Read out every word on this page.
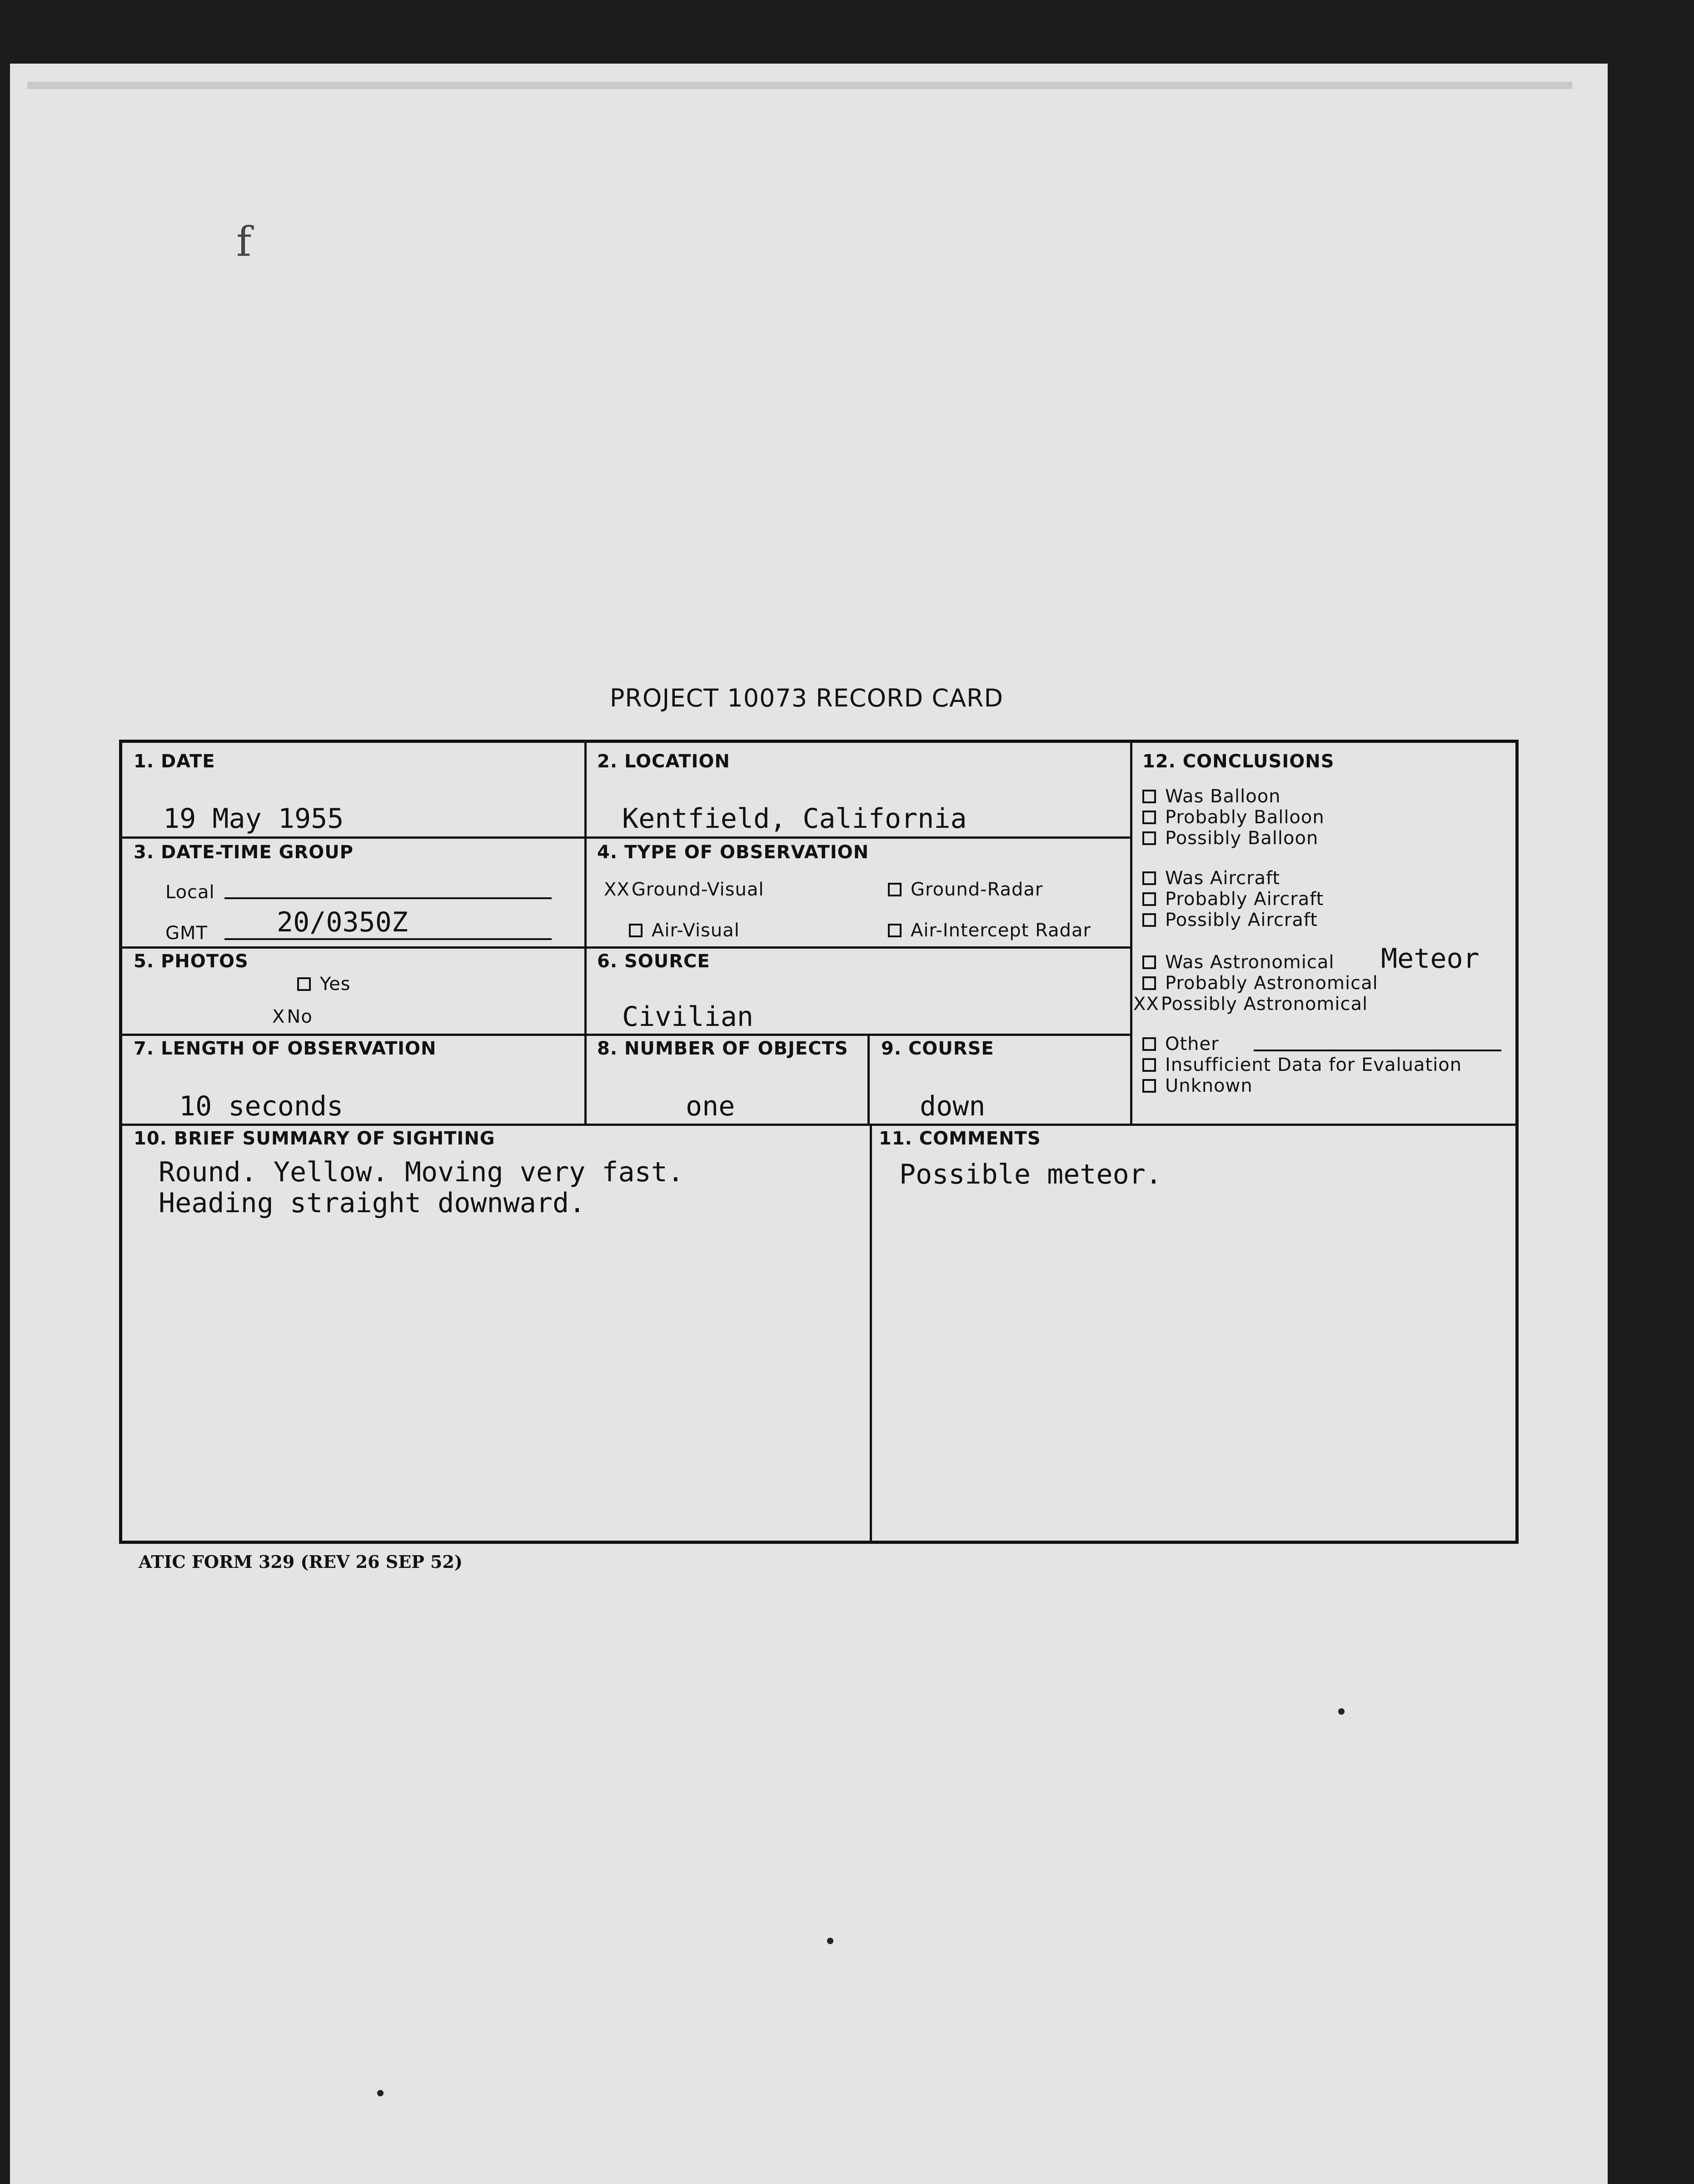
f
PROJECT 10073 RECORD CARD
1. DATE
19 May 1955
2. LOCATION
Kentfield, California
3. DATE-TIME GROUP
Local
GMT	20/0350Z
4. TYPE OF OBSERVATION
XX Ground-Visual	Ground-Radar
Air-Visual	Air-Intercept Radar
5. PHOTOS
Yes
X No
6. SOURCE
Civilian
7. LENGTH OF OBSERVATION
10 seconds
8. NUMBER OF OBJECTS
one
9. COURSE
down
10. BRIEF SUMMARY OF SIGHTING
Round. Yellow. Moving very fast.
Heading straight downward.
11. COMMENTS
Possible meteor.
12. CONCLUSIONS
Was Balloon
Probably Balloon
Possibly Balloon
Was Aircraft
Probably Aircraft
Possibly Aircraft
Was Astronomical Meteor
Probably Astronomical
XX Possibly Astronomical
Other
Insufficient Data for Evaluation
Unknown
ATIC FORM 329 (REV 26 SEP 52)
